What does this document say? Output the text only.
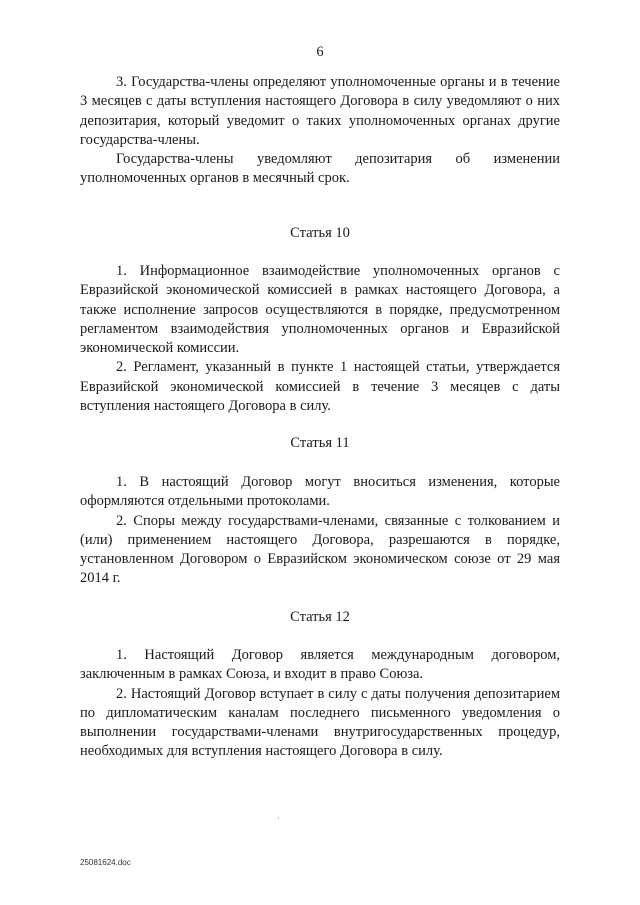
6

3. Государства-члены определяют уполномоченные органы и в течение 3 месяцев с даты вступления настоящего Договора в силу уведомляют о них депозитария, который уведомит о таких уполномоченных органах другие государства-члены.

Государства-члены уведомляют депозитария об изменении уполномоченных органов в месячный срок.

Статья 10

1. Информационное взаимодействие уполномоченных органов с Евразийской экономической комиссией в рамках настоящего Договора, а также исполнение запросов осуществляются в порядке, предусмотренном регламентом взаимодействия уполномоченных органов и Евразийской экономической комиссии.

2. Регламент, указанный в пункте 1 настоящей статьи, утверждается Евразийской экономической комиссией в течение 3 месяцев с даты вступления настоящего Договора в силу.

Статья 11

1. В настоящий Договор могут вноситься изменения, которые оформляются отдельными протоколами.

2. Споры между государствами-членами, связанные с толкованием и (или) применением настоящего Договора, разрешаются в порядке, установленном Договором о Евразийском экономическом союзе от 29 мая 2014 г.

Статья 12

1. Настоящий Договор является международным договором, заключенным в рамках Союза, и входит в право Союза.

2. Настоящий Договор вступает в силу с даты получения депозитарием по дипломатическим каналам последнего письменного уведомления о выполнении государствами-членами внутригосударственных процедур, необходимых для вступления настоящего Договора в силу.

·
25081624.doc
